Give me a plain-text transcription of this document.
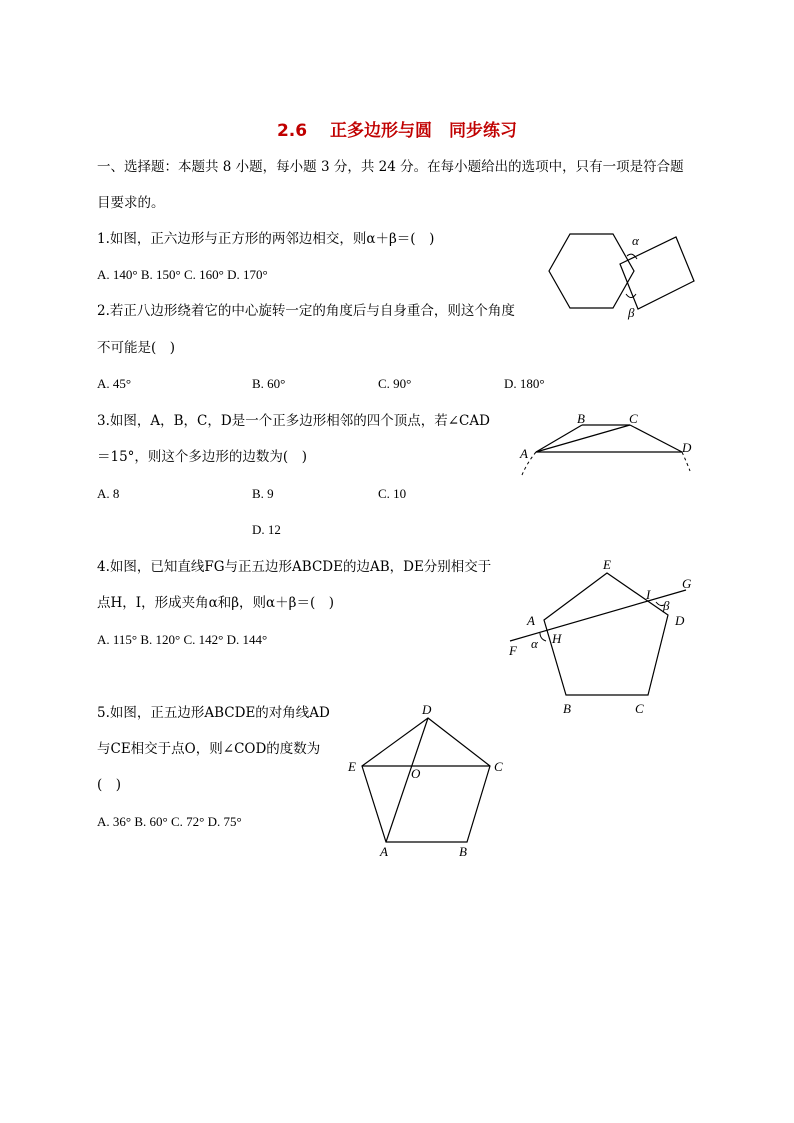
2.6　 正多边形与圆　同步练习
一、选择题：本题共 8 小题，每小题 3 分，共 24 分。在每小题给出的选项中，只有一项是符合题
目要求的。
1.如图，正六边形与正方形的两邻边相交，则α＋β＝(　)
A. 140° B. 150° C. 160° D. 170°
α
β
2.若正八边形绕着它的中心旋转一定的角度后与自身重合，则这个角度
不可能是(　)
A. 45°	B. 60°	C. 90°	D. 180°
3.如图，A，B，C，D是一个正多边形相邻的四个顶点，若∠CAD
＝15°，则这个多边形的边数为(　)
A. 8	B. 9	C. 10
D. 12
A
B	C
D
4.如图，已知直线FG与正五边形ABCDE的边AB，DE分别相交于
点H，I，形成夹角α和β，则α＋β＝(　)
A. 115° B. 120° C. 142° D. 144°
E
G
I
β
A	D
H
α
F
B	C
5.如图，正五边形ABCDE的对角线AD
与CE相交于点O，则∠COD的度数为
(　)
A. 36° B. 60° C. 72° D. 75°
D
E	O	C
A	B
